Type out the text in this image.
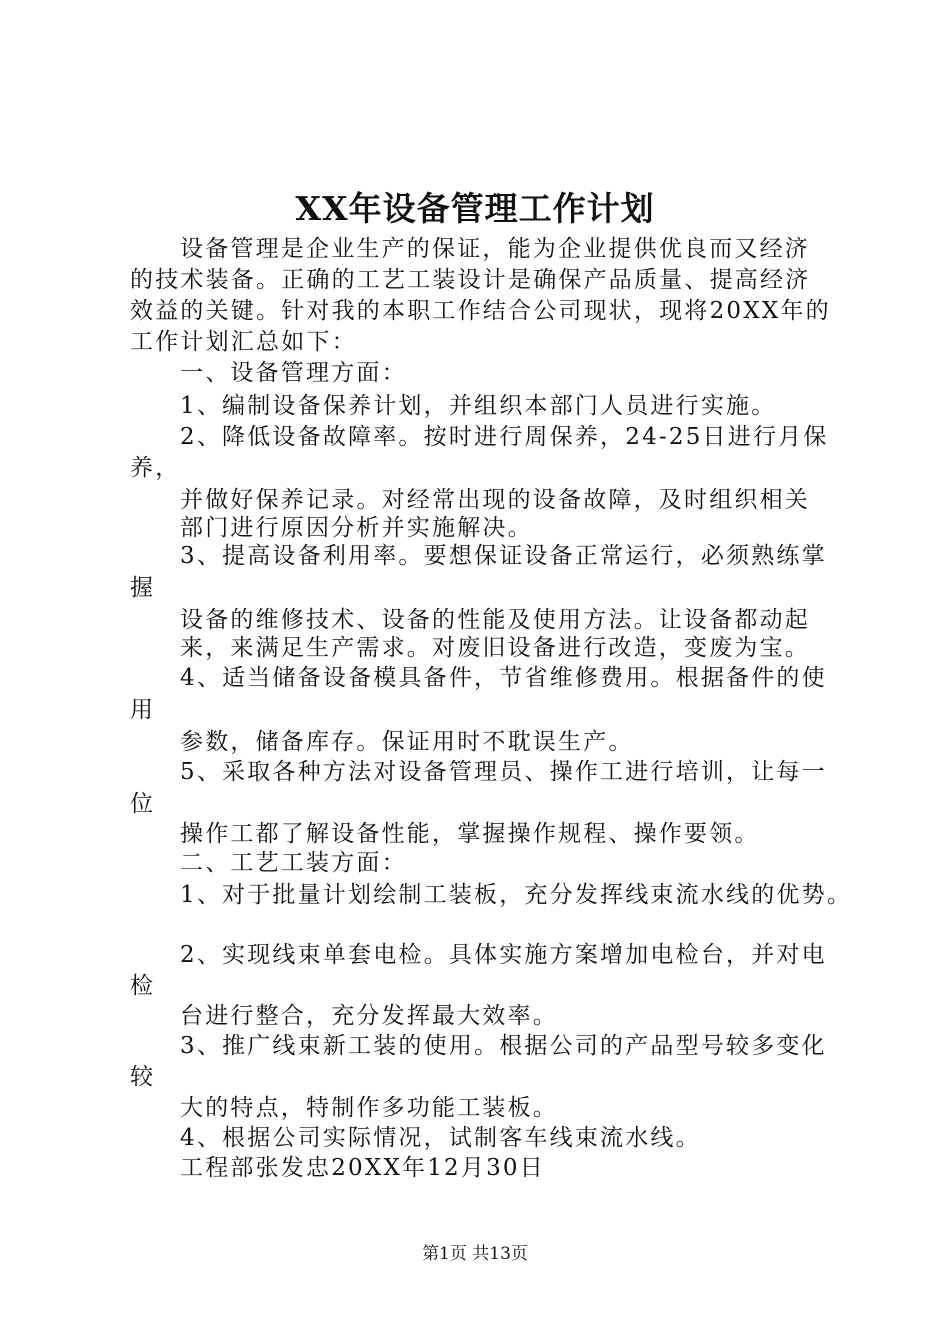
XX年设备管理工作计划

设备管理是企业生产的保证，能为企业提供优良而又经济

的技术装备。正确的工艺工装设计是确保产品质量、提高经济

效益的关键。针对我的本职工作结合公司现状，现将20XX年的

工作计划汇总如下：

一、设备管理方面：

1、编制设备保养计划，并组织本部门人员进行实施。

2、降低设备故障率。按时进行周保养，24-25日进行月保

养，

并做好保养记录。对经常出现的设备故障，及时组织相关

部门进行原因分析并实施解决。

3、提高设备利用率。要想保证设备正常运行，必须熟练掌

握

设备的维修技术、设备的性能及使用方法。让设备都动起

来，来满足生产需求。对废旧设备进行改造，变废为宝。

4、适当储备设备模具备件，节省维修费用。根据备件的使

用

参数，储备库存。保证用时不耽误生产。

5、采取各种方法对设备管理员、操作工进行培训，让每一

位

操作工都了解设备性能，掌握操作规程、操作要领。

二、工艺工装方面：

1、对于批量计划绘制工装板，充分发挥线束流水线的优势。

2、实现线束单套电检。具体实施方案增加电检台，并对电

检

台进行整合，充分发挥最大效率。

3、推广线束新工装的使用。根据公司的产品型号较多变化

较

大的特点，特制作多功能工装板。

4、根据公司实际情况，试制客车线束流水线。

工程部张发忠20XX年12月30日

第1页 共13页
